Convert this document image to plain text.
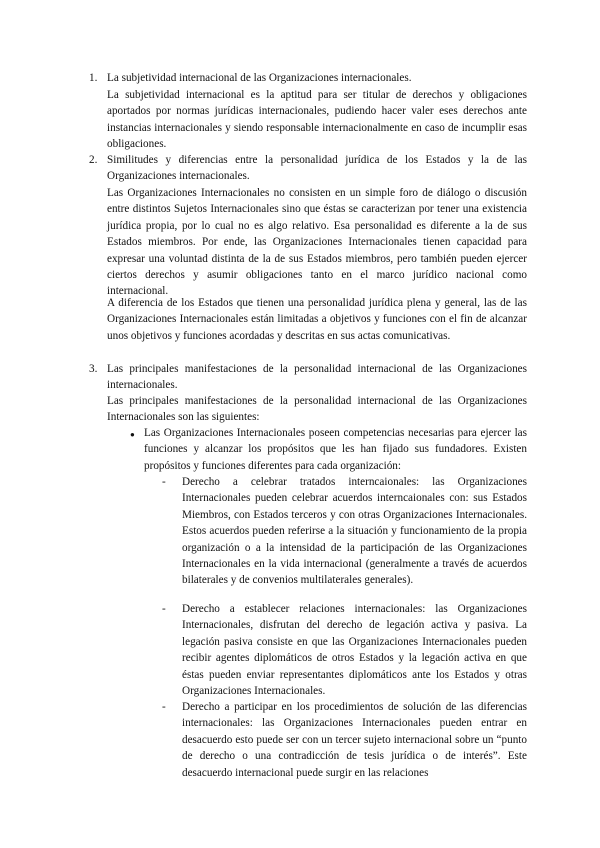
1. La subjetividad internacional de las Organizaciones internacionales.

La subjetividad internacional es la aptitud para ser titular de derechos y obligaciones aportados por normas jurídicas internacionales, pudiendo hacer valer eses derechos ante instancias internacionales y siendo responsable internacionalmente en caso de incumplir esas obligaciones.

2. Similitudes y diferencias entre la personalidad jurídica de los Estados y la de las Organizaciones internacionales.

Las Organizaciones Internacionales no consisten en un simple foro de diálogo o discusión entre distintos Sujetos Internacionales sino que éstas se caracterizan por tener una existencia jurídica propia, por lo cual no es algo relativo. Esa personalidad es diferente a la de sus Estados miembros. Por ende, las Organizaciones Internacionales tienen capacidad para expresar una voluntad distinta de la de sus Estados miembros, pero también pueden ejercer ciertos derechos y asumir obligaciones tanto en el marco jurídico nacional como internacional.

A diferencia de los Estados que tienen una personalidad jurídica plena y general, las de las Organizaciones Internacionales están limitadas a objetivos y funciones con el fin de alcanzar unos objetivos y funciones acordadas y descritas en sus actas comunicativas.

3. Las principales manifestaciones de la personalidad internacional de las Organizaciones internacionales.

Las principales manifestaciones de la personalidad internacional de las Organizaciones Internacionales son las siguientes:

● Las Organizaciones Internacionales poseen competencias necesarias para ejercer las funciones y alcanzar los propósitos que les han fijado sus fundadores. Existen propósitos y funciones diferentes para cada organización:

- Derecho a celebrar tratados interncaionales: las Organizaciones Internacionales pueden celebrar acuerdos interncaionales con: sus Estados Miembros, con Estados terceros y con otras Organizaciones Internacionales. Estos acuerdos pueden referirse a la situación y funcionamiento de la propia organización o a la intensidad de la participación de las Organizaciones Internacionales en la vida internacional (generalmente a través de acuerdos bilaterales y de convenios multilaterales generales).

- Derecho a establecer relaciones internacionales: las Organizaciones Internacionales, disfrutan del derecho de legación activa y pasiva. La legación pasiva consiste en que las Organizaciones Internacionales pueden recibir agentes diplomáticos de otros Estados y la legación activa en que éstas pueden enviar representantes diplomáticos ante los Estados y otras Organizaciones Internacionales.

- Derecho a participar en los procedimientos de solución de las diferencias internacionales: las Organizaciones Internacionales pueden entrar en desacuerdo esto puede ser con un tercer sujeto internacional sobre un “punto de derecho o una contradicción de tesis jurídica o de interés”. Este desacuerdo internacional puede surgir en las relaciones
